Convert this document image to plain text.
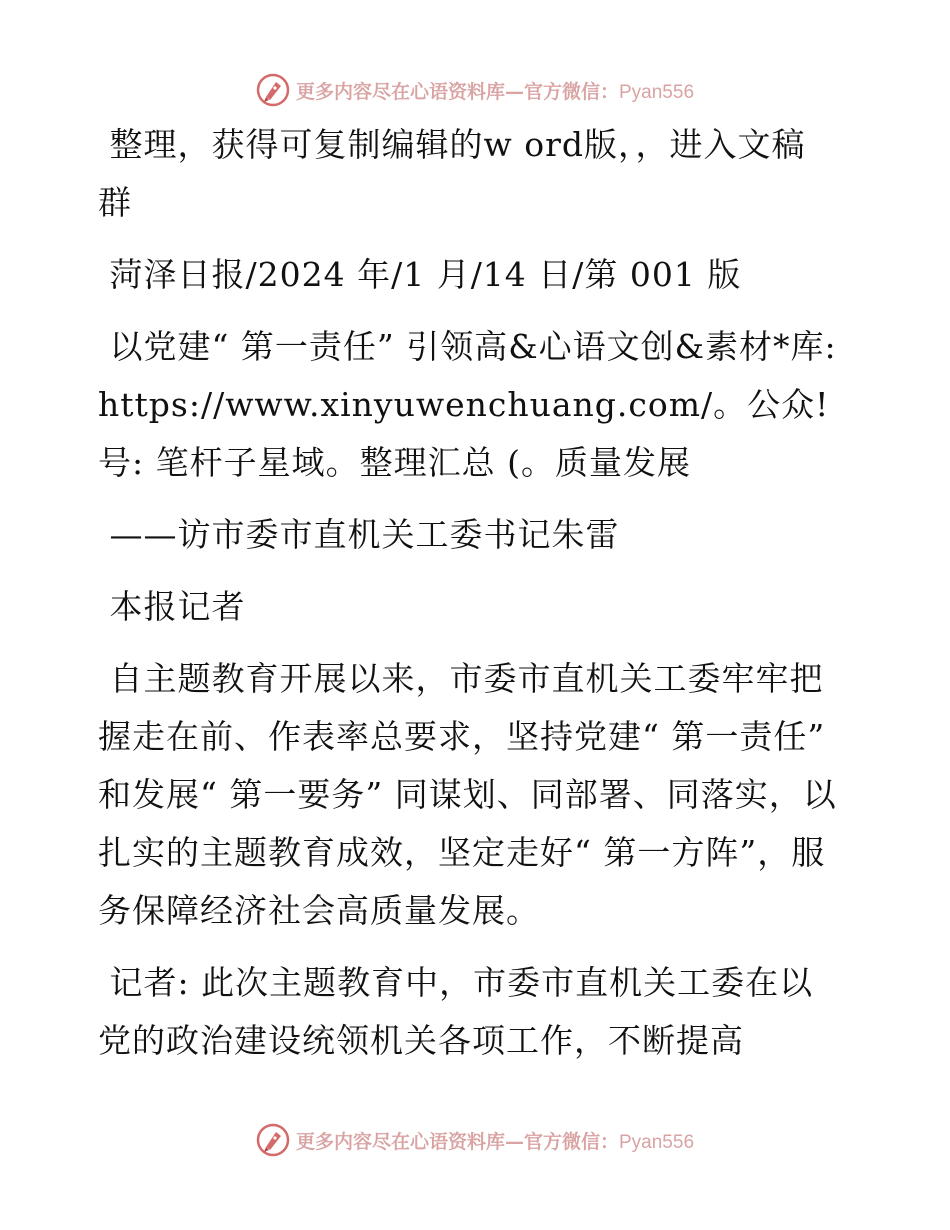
更多内容尽在心语资料库—官方微信：Pyan556

整理，获得可复制编辑的w ord版，，进入文稿群

菏泽日报/2024 年/1 月/14 日/第 001 版

以党建“ 第一责任” 引领高&心语文创&素材*库: https://www.xinyuwenchuang.com/。公众!号: 笔杆子星域。整理汇总 (。质量发展

——访市委市直机关工委书记朱雷

本报记者

自主题教育开展以来，市委市直机关工委牢牢把握走在前、作表率总要求，坚持党建“ 第一责任” 和发展“ 第一要务” 同谋划、同部署、同落实，以扎实的主题教育成效，坚定走好“ 第一方阵”，服务保障经济社会高质量发展。

记者: 此次主题教育中，市委市直机关工委在以党的政治建设统领机关各项工作，不断提高

更多内容尽在心语资料库—官方微信：Pyan556
